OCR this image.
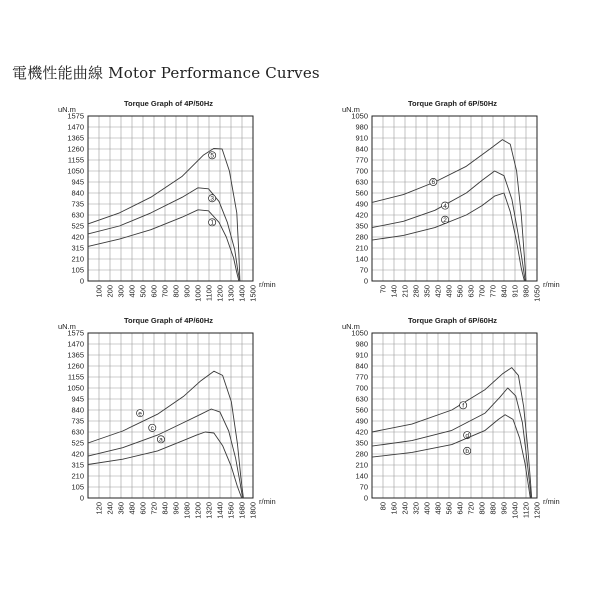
電機性能曲線 Motor Performance Curves
Torque Graph of 4P/50Hz
uN.m
0
105
210
315
420
525
630
735
840
945
1050
1155
1260
1365
1470
1575
100 200 300 400 500 600 700 800 900 1000 1100 1200 1300 1400 1500
r/min
5
3
1
Torque Graph of 6P/50Hz
uN.m
0
70
140
210
280
350
420
490
560
630
700
770
840
910
980
1050
70 140 210 280 350 420 490 560 630 700 770 840 910 980 1050
r/min
6
4
2
Torque Graph of 4P/60Hz
uN.m
0
105
210
315
420
525
630
735
840
945
1050
1155
1260
1365
1470
1575
120 240 360 480 600 720 840 960 1080 1200 1320 1440 1560 1680 1800
r/min
e
c
a
Torque Graph of 6P/60Hz
uN.m
0
70
140
210
280
350
420
490
560
630
700
770
840
910
980
1050
80 160 240 320 400 480 560 640 720 800 880 960 1040 1120 1200
r/min
f
d
b
